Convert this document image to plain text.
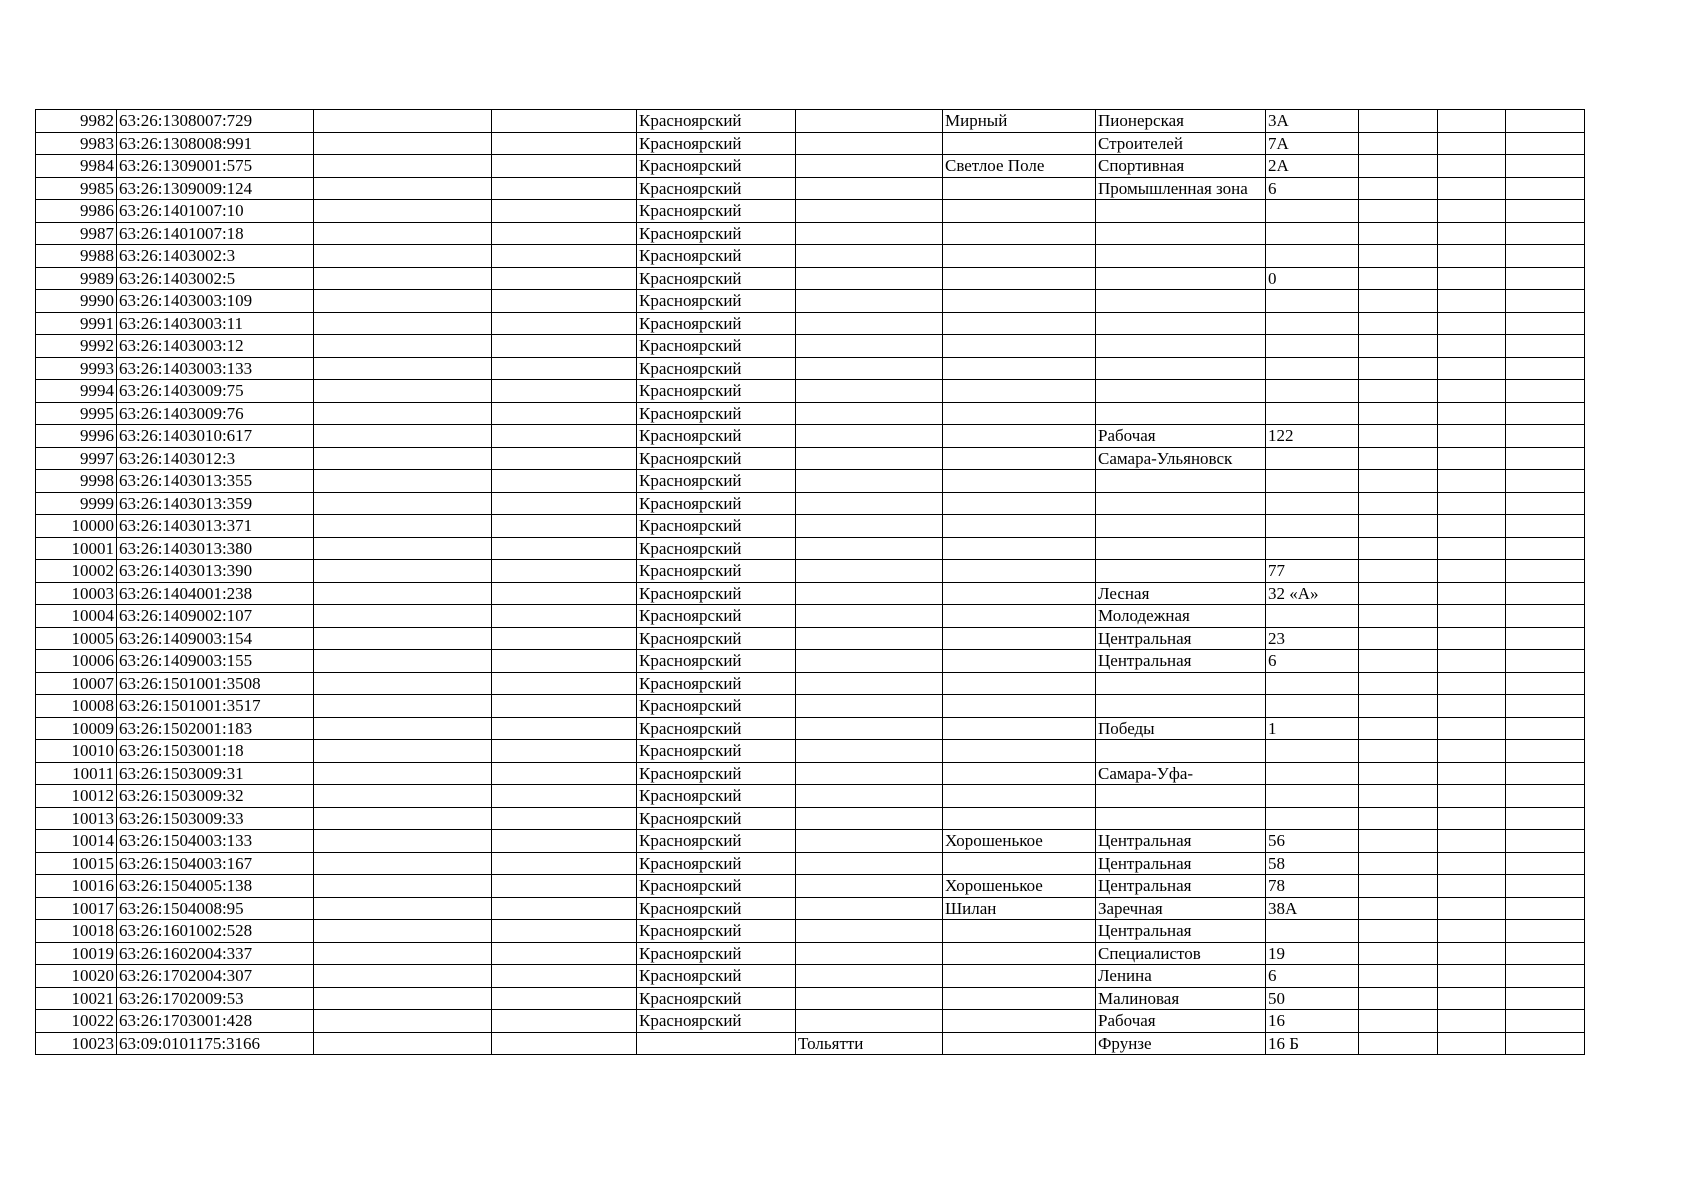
9982	63:26:1308007:729			Красноярский		Мирный	Пионерская	3А			
9983	63:26:1308008:991			Красноярский			Строителей	7А			
9984	63:26:1309001:575			Красноярский		Светлое Поле	Спортивная	2А			
9985	63:26:1309009:124			Красноярский			Промышленная зона	6			
9986	63:26:1401007:10			Красноярский							
9987	63:26:1401007:18			Красноярский							
9988	63:26:1403002:3			Красноярский							
9989	63:26:1403002:5			Красноярский				0			
9990	63:26:1403003:109			Красноярский							
9991	63:26:1403003:11			Красноярский							
9992	63:26:1403003:12			Красноярский							
9993	63:26:1403003:133			Красноярский							
9994	63:26:1403009:75			Красноярский							
9995	63:26:1403009:76			Красноярский							
9996	63:26:1403010:617			Красноярский			Рабочая	122			
9997	63:26:1403012:3			Красноярский			Самара-Ульяновск				
9998	63:26:1403013:355			Красноярский							
9999	63:26:1403013:359			Красноярский							
10000	63:26:1403013:371			Красноярский							
10001	63:26:1403013:380			Красноярский							
10002	63:26:1403013:390			Красноярский				77			
10003	63:26:1404001:238			Красноярский			Лесная	32 «А»			
10004	63:26:1409002:107			Красноярский			Молодежная				
10005	63:26:1409003:154			Красноярский			Центральная	23			
10006	63:26:1409003:155			Красноярский			Центральная	6			
10007	63:26:1501001:3508			Красноярский							
10008	63:26:1501001:3517			Красноярский							
10009	63:26:1502001:183			Красноярский			Победы	1			
10010	63:26:1503001:18			Красноярский							
10011	63:26:1503009:31			Красноярский			Самара-Уфа-				
10012	63:26:1503009:32			Красноярский							
10013	63:26:1503009:33			Красноярский							
10014	63:26:1504003:133			Красноярский		Хорошенькое	Центральная	56			
10015	63:26:1504003:167			Красноярский			Центральная	58			
10016	63:26:1504005:138			Красноярский		Хорошенькое	Центральная	78			
10017	63:26:1504008:95			Красноярский		Шилан	Заречная	38А			
10018	63:26:1601002:528			Красноярский			Центральная				
10019	63:26:1602004:337			Красноярский			Специалистов	19			
10020	63:26:1702004:307			Красноярский			Ленина	6			
10021	63:26:1702009:53			Красноярский			Малиновая	50			
10022	63:26:1703001:428			Красноярский			Рабочая	16			
10023	63:09:0101175:3166				Тольятти		Фрунзе	16 Б			
